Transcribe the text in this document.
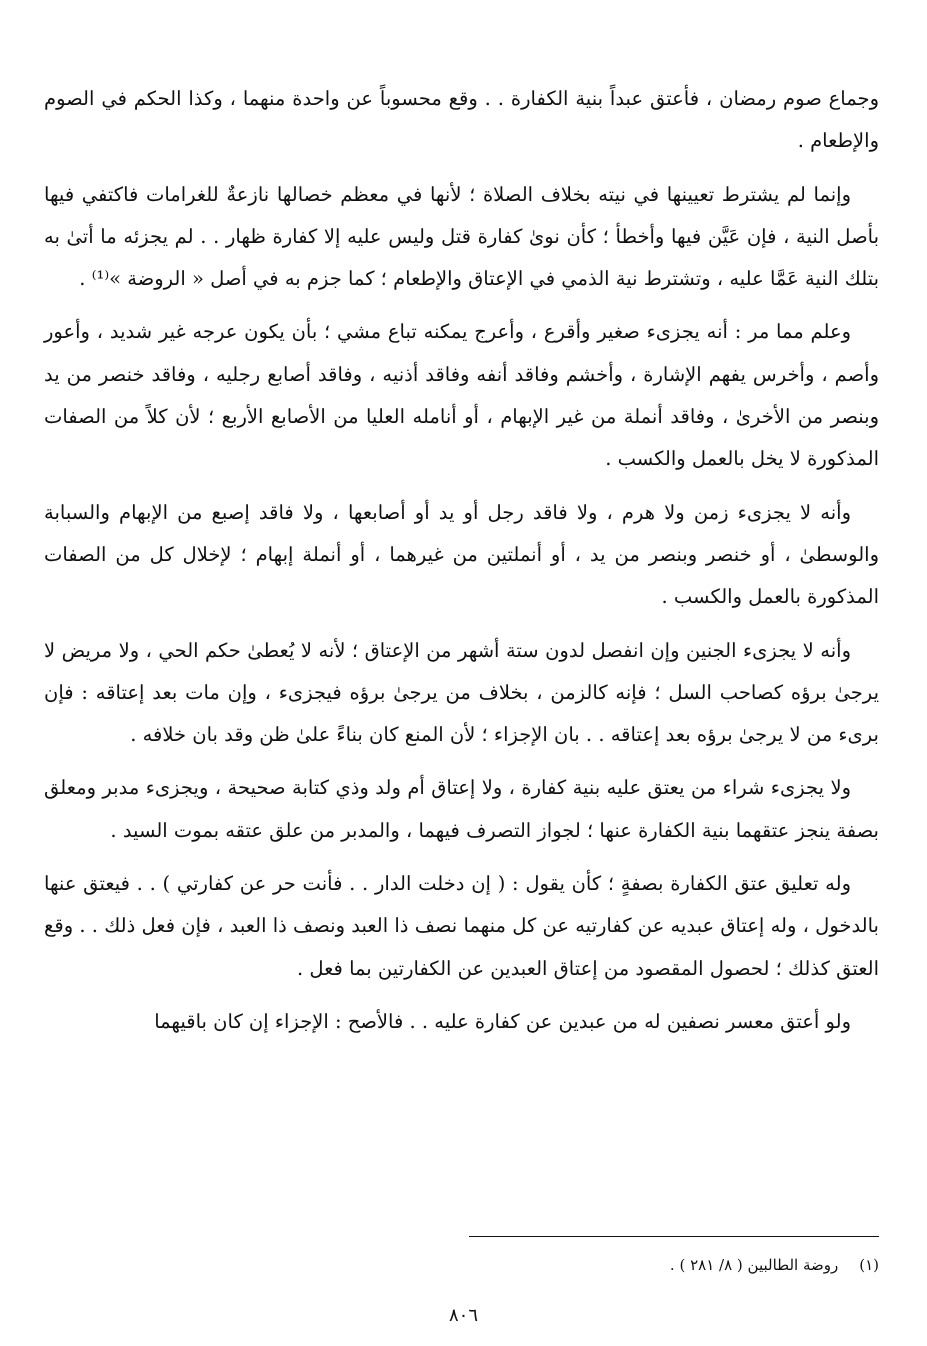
وجماع صوم رمضان ، فأعتق عبداً بنية الكفارة . . وقع محسوباً عن واحدة منهما ، وكذا الحكم في الصوم والإطعام .

وإنما لم يشترط تعيينها في نيته بخلاف الصلاة ؛ لأنها في معظم خصالها نازعةٌ للغرامات فاكتفي فيها بأصل النية ، فإن عَيَّن فيها وأخطأ ؛ كأن نوىٰ كفارة قتل وليس عليه إلا كفارة ظهار . . لم يجزئه ما أتىٰ به بتلك النية عَمَّا عليه ، وتشترط نية الذمي في الإعتاق والإطعام ؛ كما جزم به في أصل « الروضة »⁽¹⁾ .

وعلم مما مر : أنه يجزىء صغير وأقرع ، وأعرج يمكنه تباع مشي ؛ بأن يكون عرجه غير شديد ، وأعور وأصم ، وأخرس يفهم الإشارة ، وأخشم وفاقد أنفه وفاقد أذنيه ، وفاقد أصابع رجليه ، وفاقد خنصر من يد وبنصر من الأخرىٰ ، وفاقد أنملة من غير الإبهام ، أو أنامله العليا من الأصابع الأربع ؛ لأن كلاً من الصفات المذكورة لا يخل بالعمل والكسب .

وأنه لا يجزىء زمن ولا هرم ، ولا فاقد رجل أو يد أو أصابعها ، ولا فاقد إصبع من الإبهام والسبابة والوسطىٰ ، أو خنصر وبنصر من يد ، أو أنملتين من غيرهما ، أو أنملة إبهام ؛ لإخلال كل من الصفات المذكورة بالعمل والكسب .

وأنه لا يجزىء الجنين وإن انفصل لدون ستة أشهر من الإعتاق ؛ لأنه لا يُعطىٰ حكم الحي ، ولا مريض لا يرجىٰ برؤه كصاحب السل ؛ فإنه كالزمن ، بخلاف من يرجىٰ برؤه فيجزىء ، وإن مات بعد إعتاقه : فإن برىء من لا يرجىٰ برؤه بعد إعتاقه . . بان الإجزاء ؛ لأن المنع كان بناءً علىٰ ظن وقد بان خلافه .

ولا يجزىء شراء من يعتق عليه بنية كفارة ، ولا إعتاق أم ولد وذي كتابة صحيحة ، ويجزىء مدبر ومعلق بصفة ينجز عتقهما بنية الكفارة عنها ؛ لجواز التصرف فيهما ، والمدبر من علق عتقه بموت السيد .

وله تعليق عتق الكفارة بصفةٍ ؛ كأن يقول : ( إن دخلت الدار . . فأنت حر عن كفارتي ) . . فيعتق عنها بالدخول ، وله إعتاق عبديه عن كفارتيه عن كل منهما نصف ذا العبد ونصف ذا العبد ، فإن فعل ذلك . . وقع العتق كذلك ؛ لحصول المقصود من إعتاق العبدين عن الكفارتين بما فعل .

ولو أعتق معسر نصفين له من عبدين عن كفارة عليه . . فالأصح : الإجزاء إن كان باقيهما

(١) روضة الطالبين ( ٨/ ٢٨١ ) .
٨٠٦
